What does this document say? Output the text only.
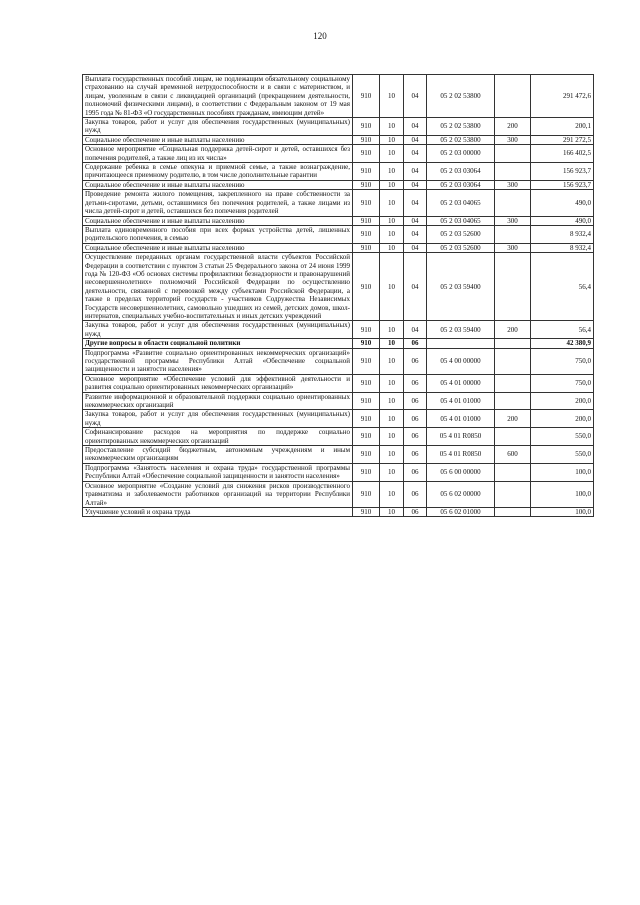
120
Выплата государственных пособий лицам, не подлежащим обязательному социальному страхованию на случай временной нетрудоспособности и в связи с материнством, и лицам, уволенным в связи с ликвидацией организаций (прекращением деятельности, полномочий физическими лицами), в соответствии с Федеральным законом от 19 мая 1995 года № 81-ФЗ «О государственных пособиях гражданам, имеющим детей»	910	10	04	05 2 02 53800		291 472,6
Закупка товаров, работ и услуг для обеспечения государственных (муниципальных) нужд	910	10	04	05 2 02 53800	200	200,1
Социальное обеспечение и иные выплаты населению	910	10	04	05 2 02 53800	300	291 272,5
Основное мероприятие «Социальная поддержка детей-сирот и детей, оставшихся без попечения родителей, а также лиц из их числа»	910	10	04	05 2 03 00000		166 402,5
Содержание ребенка в семье опекуна и приемной семье, а также вознаграждение, причитающееся приемному родителю, в том числе дополнительные гарантии	910	10	04	05 2 03 03064		156 923,7
Социальное обеспечение и иные выплаты населению	910	10	04	05 2 03 03064	300	156 923,7
Проведение ремонта жилого помещения, закрепленного на праве собственности за детьми-сиротами, детьми, оставшимися без попечения родителей, а также лицами из числа детей-сирот и детей, оставшихся без попечения родителей	910	10	04	05 2 03 04065		490,0
Социальное обеспечение и иные выплаты населению	910	10	04	05 2 03 04065	300	490,0
Выплата единовременного пособия при всех формах устройства детей, лишенных родительского попечения, в семью	910	10	04	05 2 03 52600		8 932,4
Социальное обеспечение и иные выплаты населению	910	10	04	05 2 03 52600	300	8 932,4
Осуществление переданных органам государственной власти субъектов Российской Федерации в соответствии с пунктом 3 статьи 25 Федерального закона от 24 июня 1999 года № 120-ФЗ «Об основах системы профилактики безнадзорности и правонарушений несовершеннолетних» полномочий Российской Федерации по осуществлению деятельности, связанной с перевозкой между субъектами Российской Федерации, а также в пределах территорий государств - участников Содружества Независимых Государств несовершеннолетних, самовольно ушедших из семей, детских домов, школ-интернатов, специальных учебно-воспитательных и иных детских учреждений	910	10	04	05 2 03 59400		56,4
Закупка товаров, работ и услуг для обеспечения государственных (муниципальных) нужд	910	10	04	05 2 03 59400	200	56,4
Другие вопросы в области социальной политики	910	10	06			42 380,9
Подпрограмма «Развитие социально ориентированных некоммерческих организаций» государственной программы Республики Алтай «Обеспечение социальной защищенности и занятости населения»	910	10	06	05 4 00 00000		750,0
Основное мероприятие «Обеспечение условий для эффективной деятельности и развития социально ориентированных некоммерческих организаций»	910	10	06	05 4 01 00000		750,0
Развитие информационной и образовательной поддержки социально ориентированных некоммерческих организаций	910	10	06	05 4 01 01000		200,0
Закупка товаров, работ и услуг для обеспечения государственных (муниципальных) нужд	910	10	06	05 4 01 01000	200	200,0
Софинансирование расходов на мероприятия по поддержке социально ориентированных некоммерческих организаций	910	10	06	05 4 01 R0850		550,0
Предоставление субсидий бюджетным, автономным учреждениям и иным некоммерческим организациям	910	10	06	05 4 01 R0850	600	550,0
Подпрограмма «Занятость населения и охрана труда» государственной программы Республики Алтай «Обеспечение социальной защищенности и занятости населения»	910	10	06	05 6 00 00000		100,0
Основное мероприятие «Создание условий для снижения рисков производственного травматизма и заболеваемости работников организаций на территории Республики Алтай»	910	10	06	05 6 02 00000		100,0
Улучшение условий и охрана труда	910	10	06	05 6 02 01000		100,0
